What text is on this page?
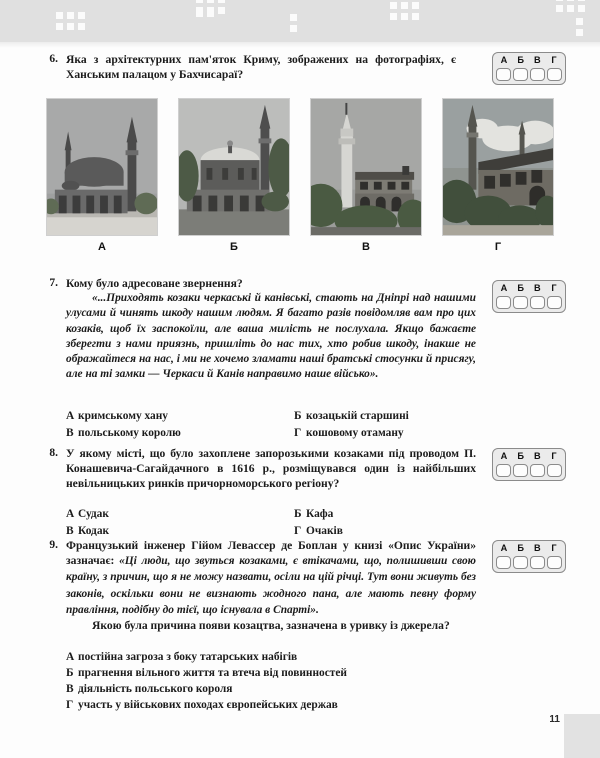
6. Яка з архітектурних пам'яток Криму, зображених на фотографіях, є Ханським палацом у Бахчисараї?
А	Б	В	Г
А	Б	В	Г
7. Кому було адресоване звернення?
«...Приходять козаки черкаські й канівські, стають на Дніпрі над нашими улусами й чинять шкоду нашим людям. Я багато разів повідомляв вам про цих козаків, щоб їх заспокоїли, але ваша милість не послухала. Якщо бажаєте зберегти з нами приязнь, пришліть до нас тих, хто робив шкоду, інакше не ображайтеся на нас, і ми не хочемо зламати наші братські стосунки й присягу, але на ті замки — Черкаси й Канів направимо наше військо».
А	Б	В	Г
А кримському хану	Б козацькій старшині
В польському королю	Г кошовому отаману
8. У якому місті, що було захоплене запорозькими козаками під проводом П. Конашевича-Сагайдачного в 1616 р., розміщувався один із найбільших невільницьких ринків причорноморського регіону?
А	Б	В	Г
А Судак	Б Кафа
В Кодак	Г Очаків
9. Французький інженер Гійом Левассер де Боплан у книзі «Опис України» зазначає: «Ці люди, що звуться козаками, є втікачами, що, полишивши свою країну, з причин, що я не можу назвати, осіли на цій річці. Тут вони живуть без законів, оскільки вони не визнають жодного пана, але мають певну форму правління, подібну до тієї, що існувала в Спарті».
Якою була причина появи козацтва, зазначена в уривку із джерела?
А	Б	В	Г
А постійна загроза з боку татарських набігів
Б прагнення вільного життя та втеча від повинностей
В діяльність польського короля
Г участь у військових походах європейських держав
11
